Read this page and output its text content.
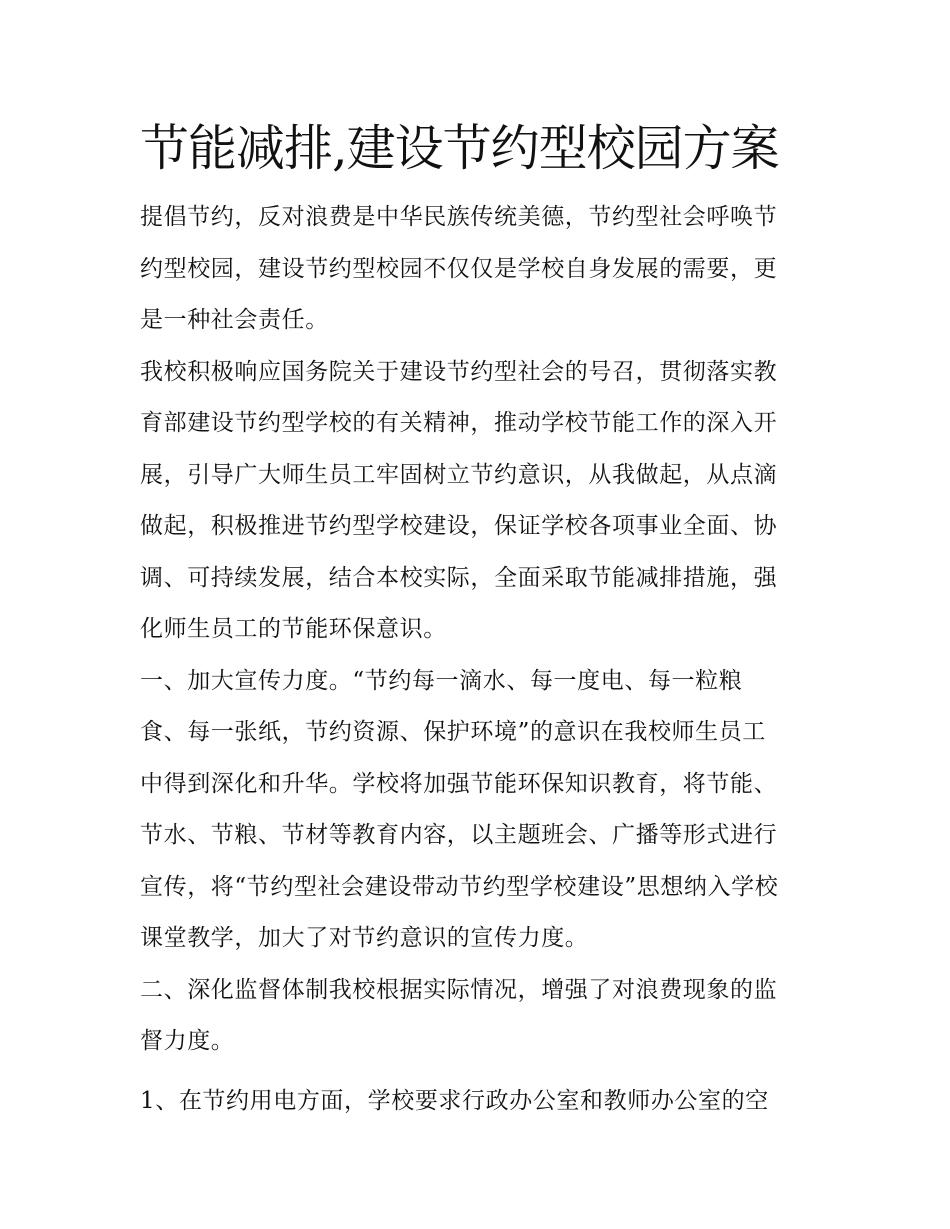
节能减排,建设节约型校园方案
提倡节约，反对浪费是中华民族传统美德，节约型社会呼唤节
约型校园，建设节约型校园不仅仅是学校自身发展的需要，更
是一种社会责任。
我校积极响应国务院关于建设节约型社会的号召，贯彻落实教
育部建设节约型学校的有关精神，推动学校节能工作的深入开
展，引导广大师生员工牢固树立节约意识，从我做起，从点滴
做起，积极推进节约型学校建设，保证学校各项事业全面、协
调、可持续发展，结合本校实际，全面采取节能减排措施，强
化师生员工的节能环保意识。
一、加大宣传力度。“节约每一滴水、每一度电、每一粒粮
食、每一张纸，节约资源、保护环境”的意识在我校师生员工
中得到深化和升华。学校将加强节能环保知识教育，将节能、
节水、节粮、节材等教育内容，以主题班会、广播等形式进行
宣传，将“节约型社会建设带动节约型学校建设”思想纳入学校
课堂教学，加大了对节约意识的宣传力度。
二、深化监督体制我校根据实际情况，增强了对浪费现象的监
督力度。
1、在节约用电方面，学校要求行政办公室和教师办公室的空
